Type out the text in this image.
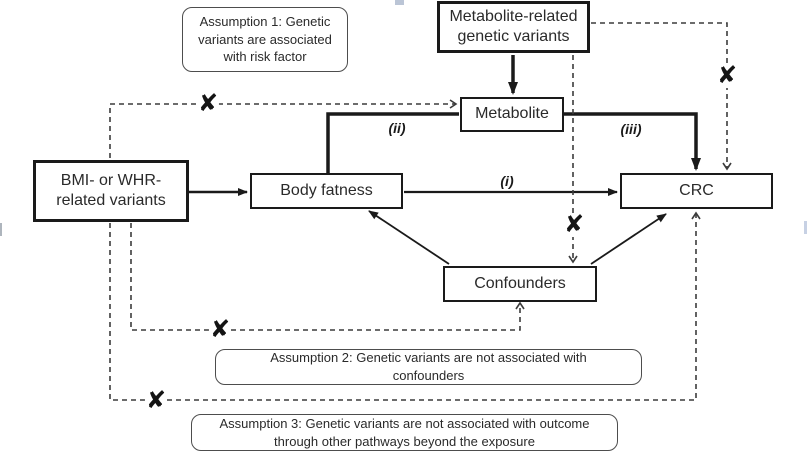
Metabolite-related
genetic variants
BMI- or WHR-
related variants
Metabolite
Body fatness	CRC
Confounders
Assumption 1: Genetic variants are associated with risk factor
Assumption 2: Genetic variants are not associated with
confounders
Assumption 3: Genetic variants are not associated with outcome
through other pathways beyond the exposure
(i)
(ii)	(iii)
✘
✘
✘
✘
✘
